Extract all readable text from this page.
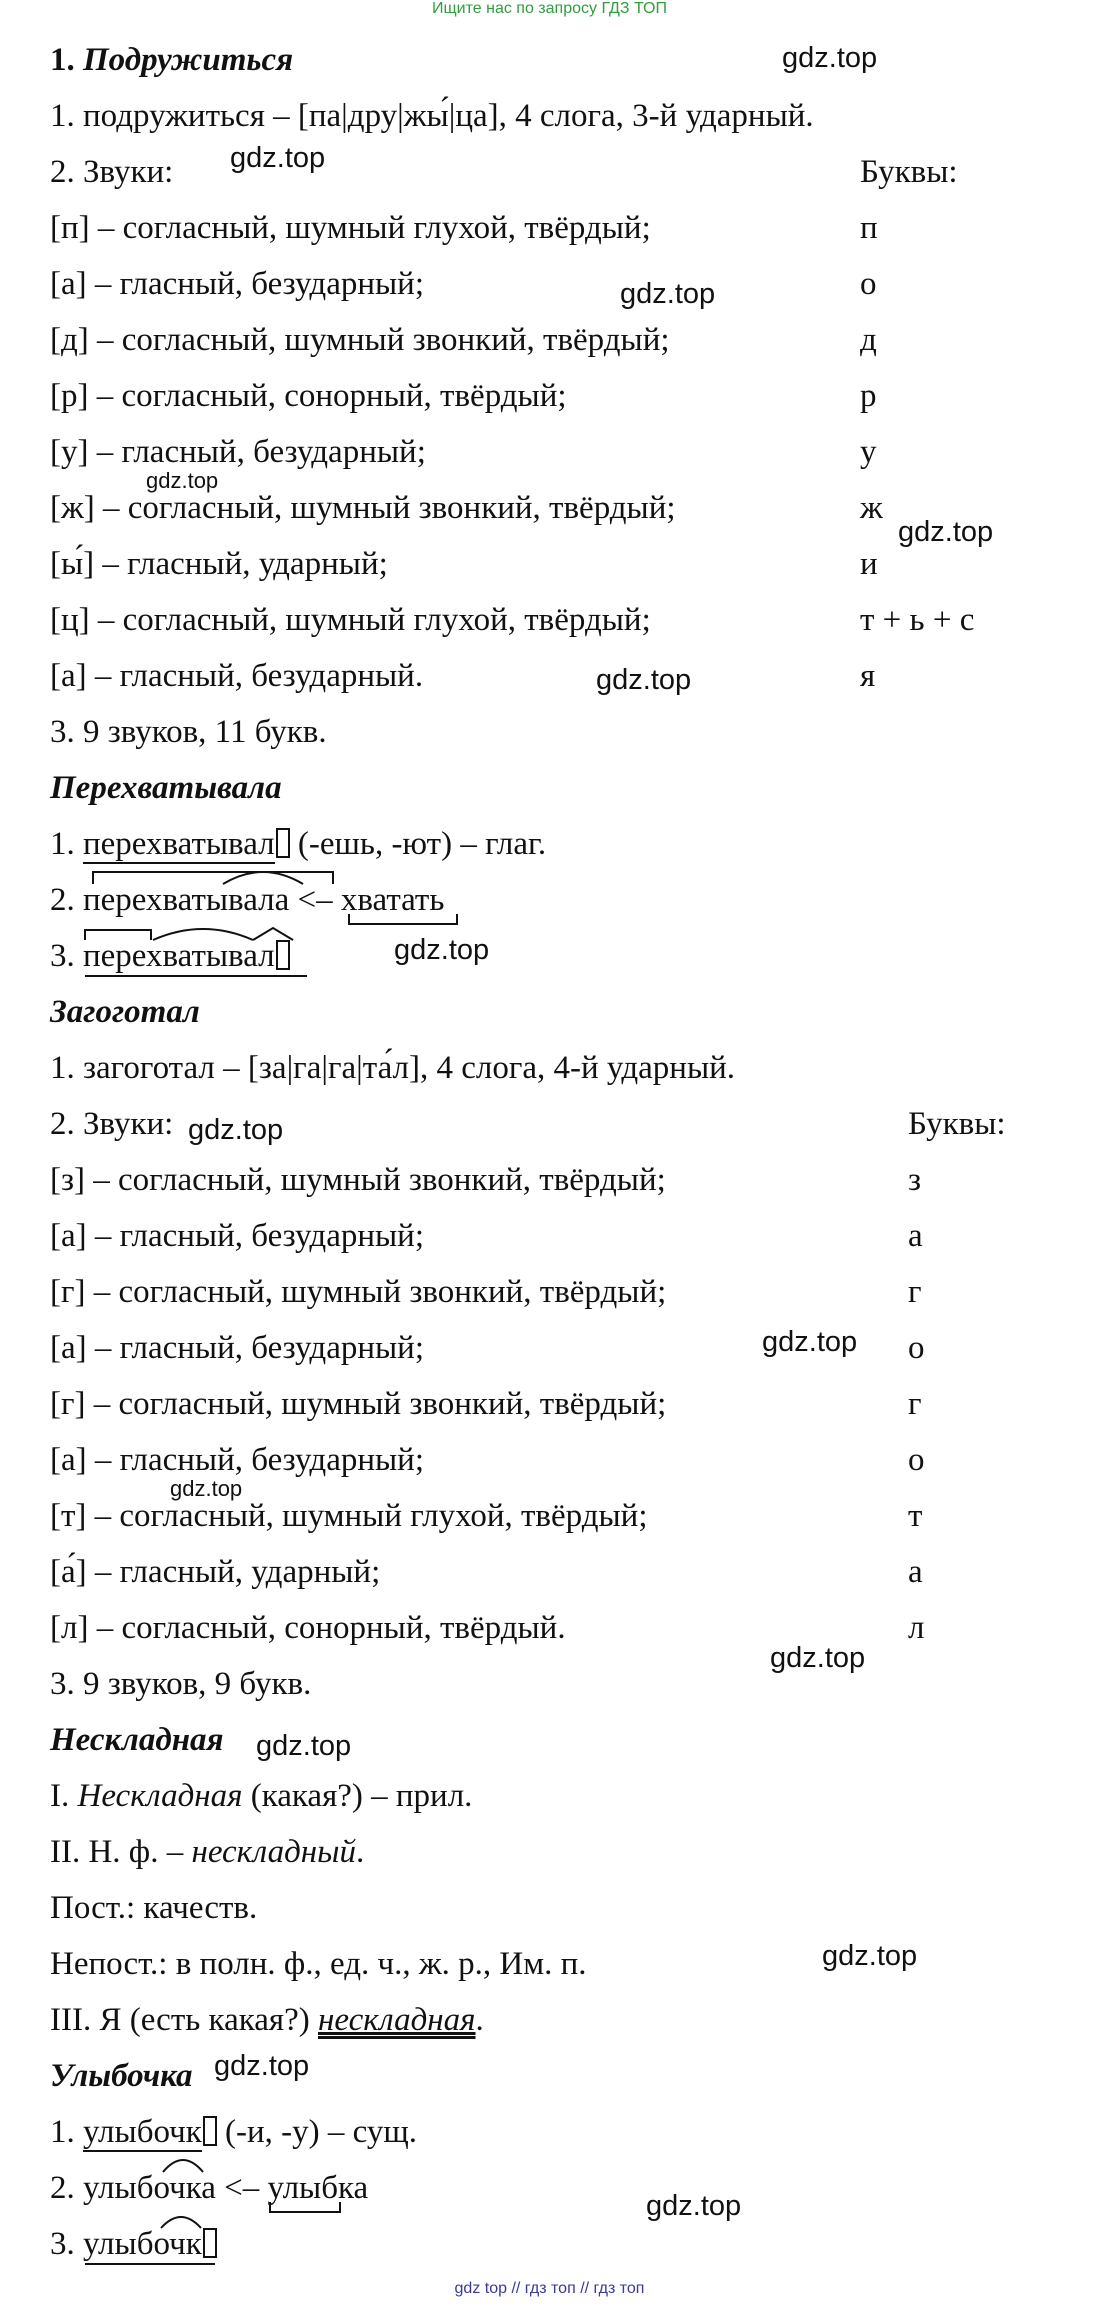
Ищите нас по запросу ГДЗ ТОП
1. Подружиться
1. подружиться – [па|дру|жы́|ца], 4 слога, 3-й ударный.
2. Звуки:	Буквы:
[п] – согласный, шумный глухой, твёрдый;	п
[а] – гласный, безударный;	о
[д] – согласный, шумный звонкий, твёрдый;	д
[р] – согласный, сонорный, твёрдый;	р
[у] – гласный, безударный;	у
[ж] – согласный, шумный звонкий, твёрдый;	ж
[ы́] – гласный, ударный;	и
[ц] – согласный, шумный глухой, твёрдый;	т + ь + с
[а] – гласный, безударный.	я
3. 9 звуков, 11 букв.
Перехватывала
1. перехватывал (-ешь, -ют) – глаг.
2.
перехватывала <–
хватать
3.
перехватывал
Загоготал
1. загоготал – [за|га|га|та́л], 4 слога, 4-й ударный.
2. Звуки:	Буквы:
[з] – согласный, шумный звонкий, твёрдый;	з
[а] – гласный, безударный;	а
[г] – согласный, шумный звонкий, твёрдый;	г
[а] – гласный, безударный;	о
[г] – согласный, шумный звонкий, твёрдый;	г
[а] – гласный, безударный;	о
[т] – согласный, шумный глухой, твёрдый;	т
[а́] – гласный, ударный;	а
[л] – согласный, сонорный, твёрдый.	л
3. 9 звуков, 9 букв.
Нескладная
I. Нескладная (какая?) – прил.
II. Н. ф. – нескладный.
Пост.: качеств.
Непост.: в полн. ф., ед. ч., ж. р., Им. п.
III. Я (есть какая?) нескладная.
Улыбочка
1. улыбочк (-и, -у) – сущ.
2.
улыбочка <–
улыбка
3.
улыбочк
gdz.top
gdz.top
gdz.top
gdz.top
gdz.top
gdz.top
gdz.top
gdz.top
gdz.top
gdz.top
gdz.top
gdz.top
gdz.top
gdz.top
gdz.top
gdz top // гдз топ // гдз топ
